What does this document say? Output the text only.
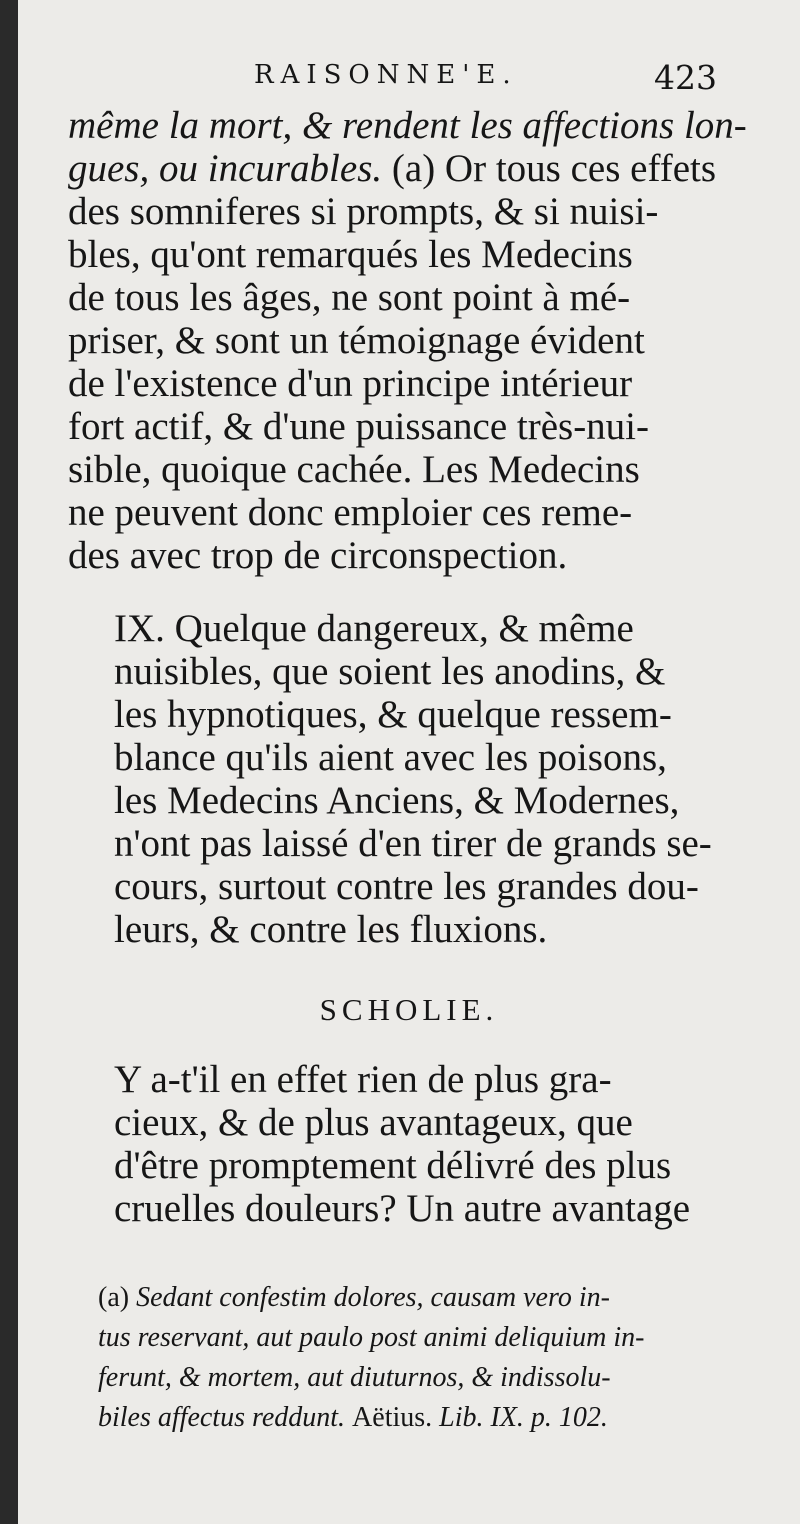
RAISONNE'E.	423
même la mort, & rendent les affections lon-
gues, ou incurables. (a) Or tous ces effets
des somniferes si prompts, & si nuisi-
bles, qu'ont remarqués les Medecins
de tous les âges, ne sont point à mé-
priser, & sont un témoignage évident
de l'existence d'un principe intérieur
fort actif, & d'une puissance très-nui-
sible, quoique cachée. Les Medecins
ne peuvent donc emploier ces reme-
des avec trop de circonspection.
IX. Quelque dangereux, & même
nuisibles, que soient les anodins, &
les hypnotiques, & quelque ressem-
blance qu'ils aient avec les poisons,
les Medecins Anciens, & Modernes,
n'ont pas laissé d'en tirer de grands se-
cours, surtout contre les grandes dou-
leurs, & contre les fluxions.
SCHOLIE.
Y a-t'il en effet rien de plus gra-
cieux, & de plus avantageux, que
d'être promptement délivré des plus
cruelles douleurs? Un autre avantage
(a) Sedant confestim dolores, causam vero in-
tus reservant, aut paulo post animi deliquium in-
ferunt, & mortem, aut diuturnos, & indissolu-
biles affectus reddunt. Aëtius. Lib. IX. p. 102.
